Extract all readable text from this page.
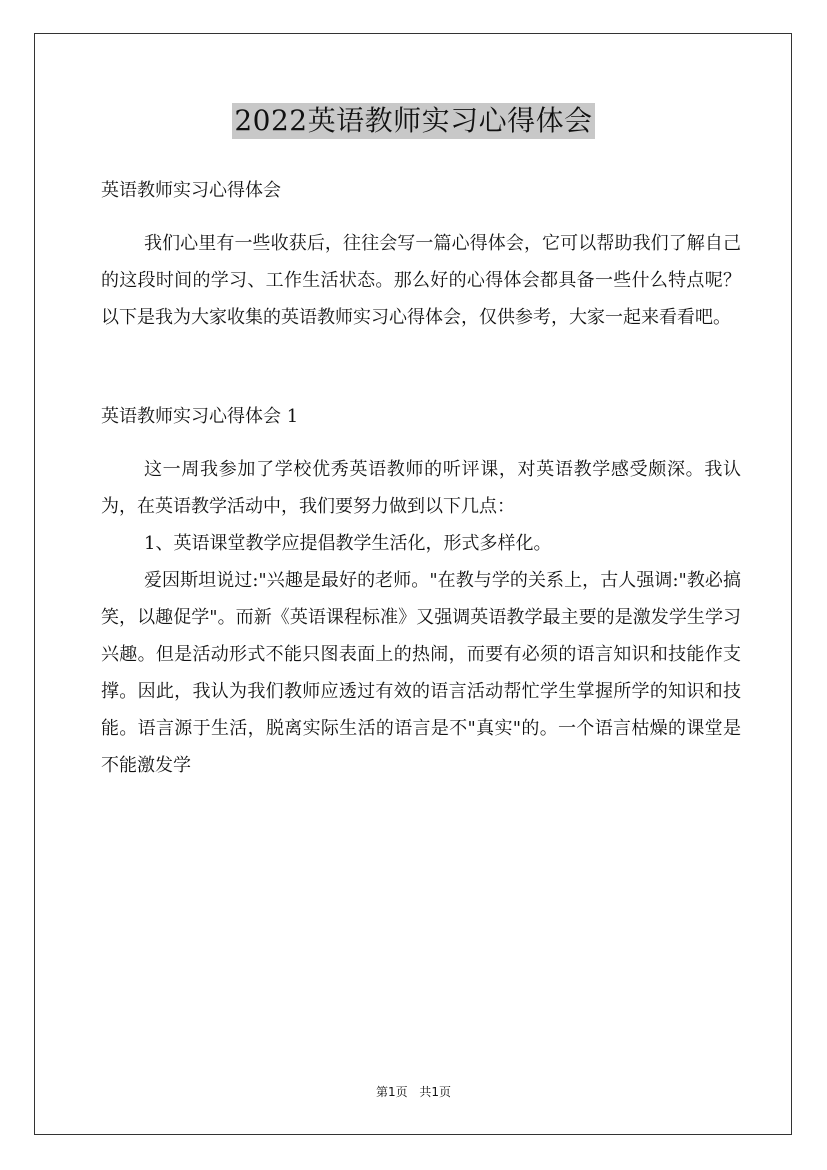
2022英语教师实习心得体会

英语教师实习心得体会

我们心里有一些收获后，往往会写一篇心得体会，它可以帮助我们了解自己的这段时间的学习、工作生活状态。那么好的心得体会都具备一些什么特点呢？以下是我为大家收集的英语教师实习心得体会，仅供参考，大家一起来看看吧。

英语教师实习心得体会 1

这一周我参加了学校优秀英语教师的听评课，对英语教学感受颇深。我认为，在英语教学活动中，我们要努力做到以下几点：

1、英语课堂教学应提倡教学生活化，形式多样化。

爱因斯坦说过:"兴趣是最好的老师。"在教与学的关系上，古人强调:"教必搞笑，以趣促学"。而新《英语课程标准》又强调英语教学最主要的是激发学生学习兴趣。但是活动形式不能只图表面上的热闹，而要有必须的语言知识和技能作支撑。因此，我认为我们教师应透过有效的语言活动帮忙学生掌握所学的知识和技能。语言源于生活，脱离实际生活的语言是不"真实"的。一个语言枯燥的课堂是不能激发学

第1页 共1页
